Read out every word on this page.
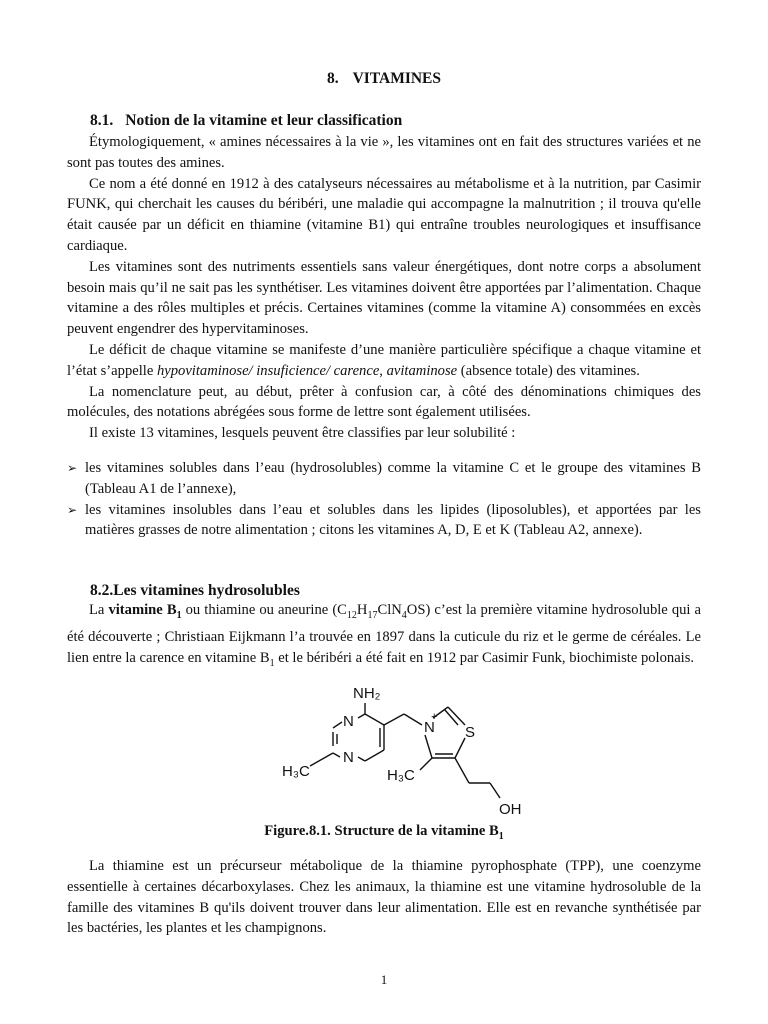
8. VITAMINES
8.1. Notion de la vitamine et leur classification

Étymologiquement, « amines nécessaires à la vie », les vitamines ont en fait des structures variées et ne sont pas toutes des amines.

Ce nom a été donné en 1912 à des catalyseurs nécessaires au métabolisme et à la nutrition, par Casimir FUNK, qui cherchait les causes du béribéri, une maladie qui accompagne la malnutrition ; il trouva qu'elle était causée par un déficit en thiamine (vitamine B1) qui entraîne troubles neurologiques et insuffisance cardiaque.

Les vitamines sont des nutriments essentiels sans valeur énergétiques, dont notre corps a absolument besoin mais qu’il ne sait pas les synthétiser. Les vitamines doivent être apportées par l’alimentation. Chaque vitamine a des rôles multiples et précis. Certaines vitamines (comme la vitamine A) consommées en excès peuvent engendrer des hypervitaminoses.

Le déficit de chaque vitamine se manifeste d’une manière particulière spécifique a chaque vitamine et l’état s’appelle hypovitaminose/ insuficience/ carence, avitaminose (absence totale) des vitamines.

La nomenclature peut, au début, prêter à confusion car, à côté des dénominations chimiques des molécules, des notations abrégées sous forme de lettre sont également utilisées.

Il existe 13 vitamines, lesquels peuvent être classifies par leur solubilité :

➢ les vitamines solubles dans l’eau (hydrosolubles) comme la vitamine C et le groupe des vitamines B (Tableau A1 de l’annexe),
➢ les vitamines insolubles dans l’eau et solubles dans les lipides (liposolubles), et apportées par les matières grasses de notre alimentation ; citons les vitamines A, D, E et K (Tableau A2, annexe).
8.2.Les vitamines hydrosolubles

La vitamine $B_1$ ou thiamine ou aneurine $(C_{12}H_{17}ClN_4OS)$ c’est la première vitamine hydrosoluble qui a été découverte ; Christiaan Eijkmann l’a trouvée en 1897 dans la cuticule du riz et le germe de céréales. Le lien entre la carence en vitamine $B_1$ et le béribéri a été fait en 1912 par Casimir Funk, biochimiste polonais.

NH₂
N
N
N
+
S
H₃C	H₃C
OH
Figure.8.1. Structure de la vitamine $B_1$

La thiamine est un précurseur métabolique de la thiamine pyrophosphate (TPP), une coenzyme essentielle à certaines décarboxylases. Chez les animaux, la thiamine est une vitamine hydrosoluble de la famille des vitamines B qu'ils doivent trouver dans leur alimentation. Elle est en revanche synthétisée par les bactéries, les plantes et les champignons.

1
